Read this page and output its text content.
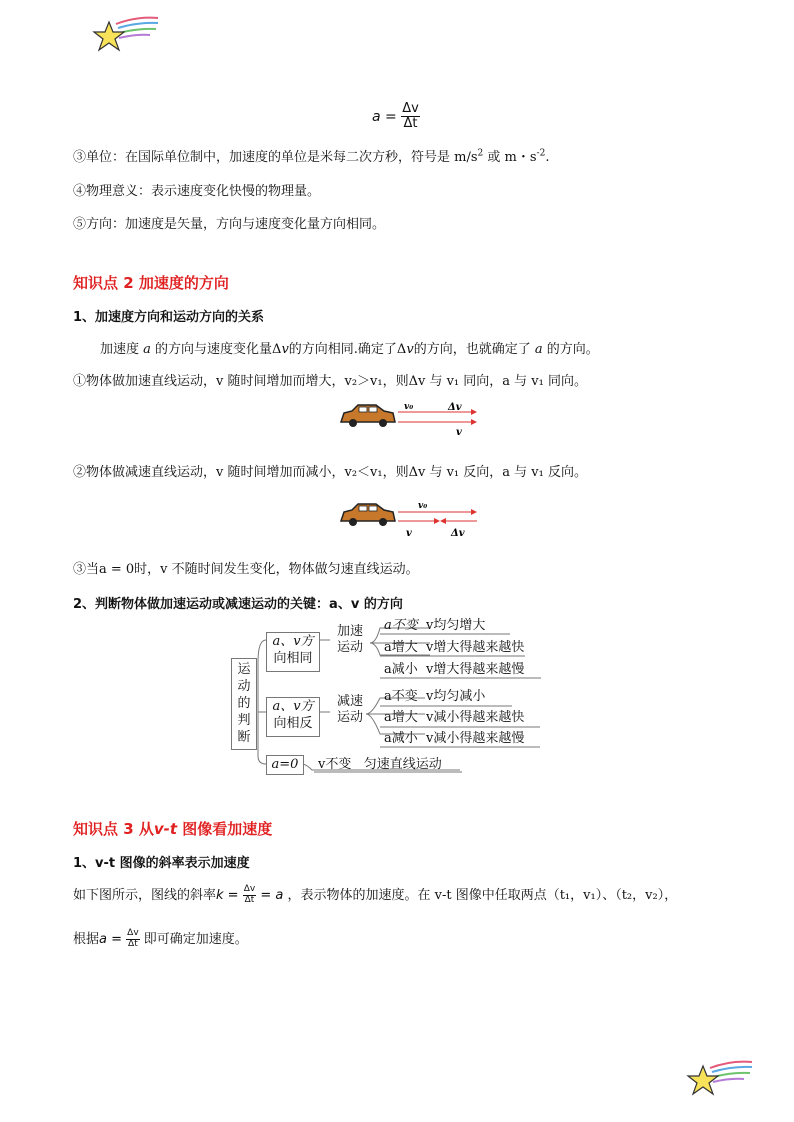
$a = \frac{\Delta v}{\Delta t}$
③单位：在国际单位制中，加速度的单位是米每二次方秒，符号是 $m/s^2$ 或 m・$s^{-2}$.
④物理意义：表示速度变化快慢的物理量。
⑤方向：加速度是矢量，方向与速度变化量方向相同。
知识点 2 加速度的方向
1、加速度方向和运动方向的关系
加速度 a 的方向与速度变化量Δv的方向相同.确定了Δv的方向，也就确定了 a 的方向。
①物体做加速直线运动，v 随时间增加而增大，v₂＞v₁，则Δv 与 v₁ 同向，a 与 v₁ 同向。
v₀	Δv
v
②物体做减速直线运动，v 随时间增加而减小，v₂＜v₁，则Δv 与 v₁ 反向，a 与 v₁ 反向。
v₀
v	Δv
③当a = 0时，v 不随时间发生变化，物体做匀速直线运动。
2、判断物体做加速运动或减速运动的关键：a、v 的方向
运
动
的
判
断
a、v方
向相同
加速
运动
a不变 v均匀增大
a增大 v增大得越来越快
a减小 v增大得越来越慢
a、v方
向相反
减速
运动
a不变 v均匀减小
a增大 v减小得越来越快
a减小 v减小得越来越慢
a=0	v不变 匀速直线运动
知识点 3 从v-t 图像看加速度
1、v-t 图像的斜率表示加速度
如下图所示，图线的斜率$k = \frac{\Delta v}{\Delta t} = a$ ，表示物体的加速度。在 v-t 图像中任取两点（t₁，v₁）、（t₂，v₂），
根据$a = \frac{\Delta v}{\Delta t}$ 即可确定加速度。
